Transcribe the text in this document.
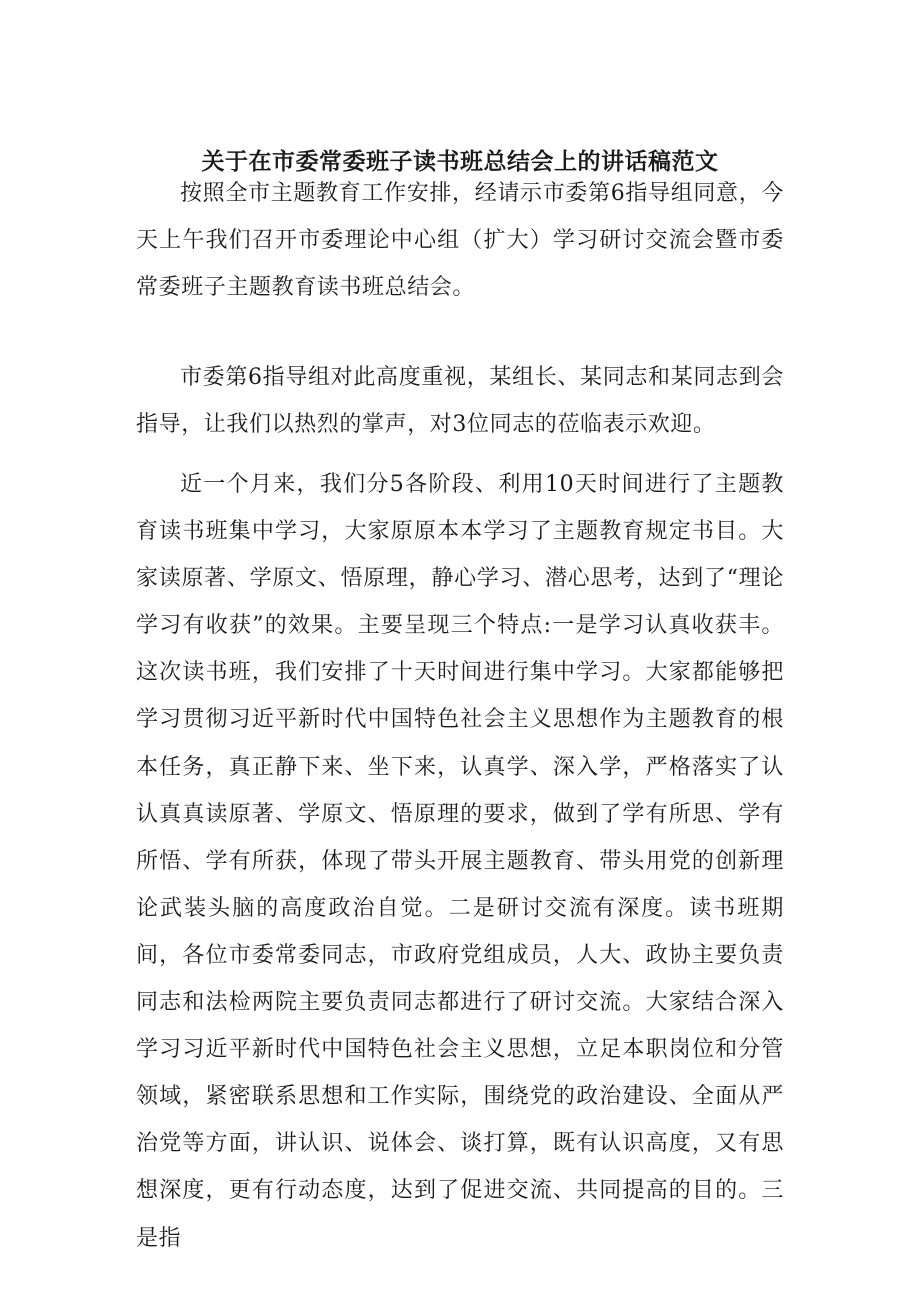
关于在市委常委班子读书班总结会上的讲话稿范文

按照全市主题教育工作安排，经请示市委第6指导组同意，今天上午我们召开市委理论中心组（扩大）学习研讨交流会暨市委常委班子主题教育读书班总结会。

市委第6指导组对此高度重视，某组长、某同志和某同志到会指导，让我们以热烈的掌声，对3位同志的莅临表示欢迎。

近一个月来，我们分5各阶段、利用10天时间进行了主题教育读书班集中学习，大家原原本本学习了主题教育规定书目。大家读原著、学原文、悟原理，静心学习、潜心思考，达到了“理论学习有收获”的效果。主要呈现三个特点:一是学习认真收获丰。这次读书班，我们安排了十天时间进行集中学习。大家都能够把学习贯彻习近平新时代中国特色社会主义思想作为主题教育的根本任务，真正静下来、坐下来，认真学、深入学，严格落实了认认真真读原著、学原文、悟原理的要求，做到了学有所思、学有所悟、学有所获，体现了带头开展主题教育、带头用党的创新理论武装头脑的高度政治自觉。二是研讨交流有深度。读书班期间，各位市委常委同志，市政府党组成员，人大、政协主要负责同志和法检两院主要负责同志都进行了研讨交流。大家结合深入学习习近平新时代中国特色社会主义思想，立足本职岗位和分管领域，紧密联系思想和工作实际，围绕党的政治建设、全面从严治党等方面，讲认识、说体会、谈打算，既有认识高度，又有思想深度，更有行动态度，达到了促进交流、共同提高的目的。三是指
